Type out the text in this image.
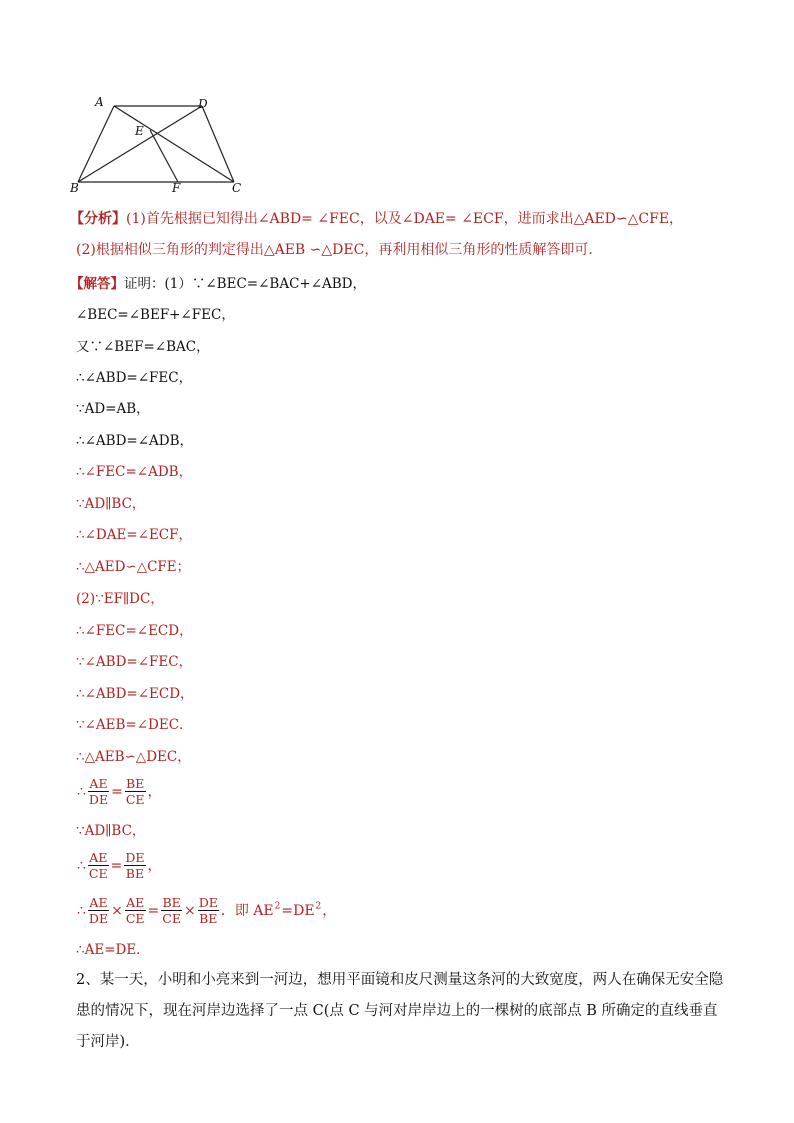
A	D
E
B	F	C
【分析】(1)首先根据已知得出∠ABD= ∠FEC，以及∠DAE= ∠ECF，进而求出△AED∽△CFE，
(2)根据相似三角形的判定得出△AEB ∽△DEC，再利用相似三角形的性质解答即可．
【解答】证明：(1）∵∠BEC=∠BAC+∠ABD，
∠BEC=∠BEF+∠FEC，
又∵∠BEF=∠BAC，
∴∠ABD=∠FEC，
∵AD=AB，
∴∠ABD=∠ADB，
∴∠FEC=∠ADB，
∵AD∥BC，
∴∠DAE=∠ECF，
∴△AED∽△CFE；
(2)∵EF∥DC，
∴∠FEC=∠ECD，
∵∠ABD=∠FEC，
∴∠ABD=∠ECD，
∵∠AEB=∠DEC．
∴△AEB∽△DEC，
∴ $\frac{AE}{DE} = \frac{BE}{CE}$ ，
∵AD∥BC，
∴ $\frac{AE}{CE} = \frac{DE}{BE}$ ，
∴ $\frac{AE}{DE} \times \frac{AE}{CE} = \frac{BE}{CE} \times \frac{DE}{BE}$ ．即 $AE^2=DE^2$，
∴AE=DE．
2、某一天，小明和小亮来到一河边，想用平面镜和皮尺测量这条河的大致宽度，两人在确保无安全隐患的情况下，现在河岸边选择了一点 C(点 C 与河对岸岸边上的一棵树的底部点 B 所确定的直线垂直于河岸)．
